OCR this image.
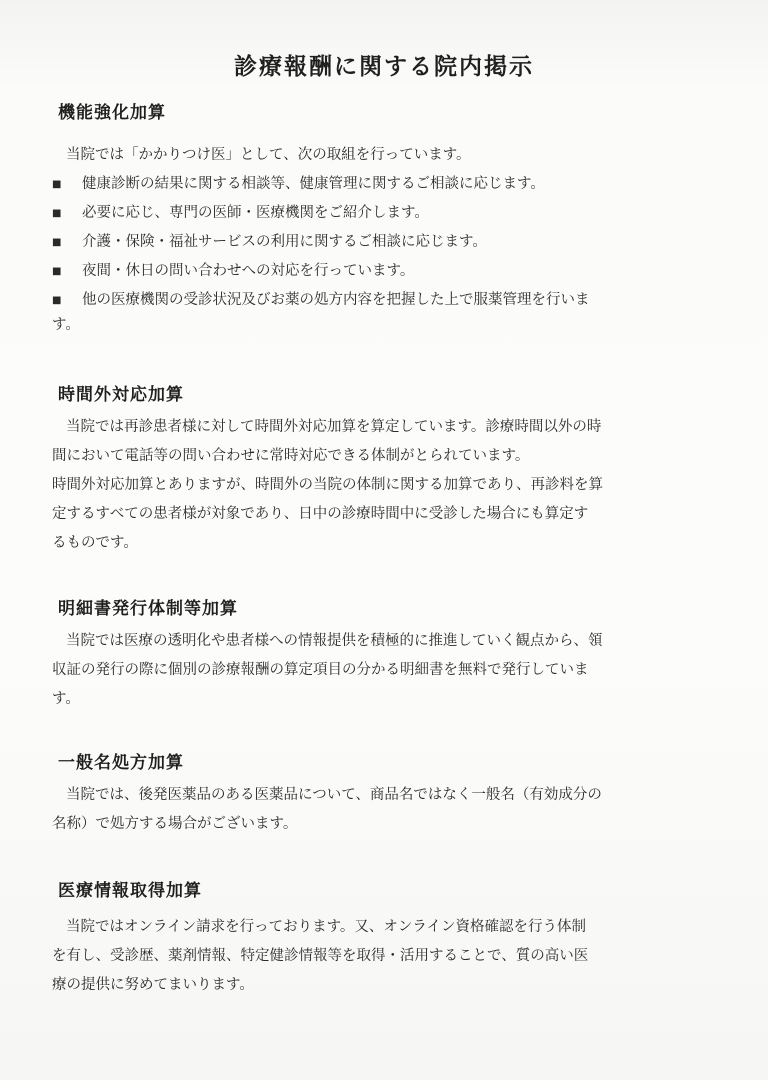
診療報酬に関する院内掲示
機能強化加算
当院では「かかりつけ医」として、次の取組を行っています。
■	健康診断の結果に関する相談等、健康管理に関するご相談に応じます。
■	必要に応じ、専門の医師・医療機関をご紹介します。
■	介護・保険・福祉サービスの利用に関するご相談に応じます。
■	夜間・休日の問い合わせへの対応を行っています。
■	他の医療機関の受診状況及びお薬の処方内容を把握した上で服薬管理を行いま
す。
時間外対応加算
当院では再診患者様に対して時間外対応加算を算定しています。診療時間以外の時
間において電話等の問い合わせに常時対応できる体制がとられています。
時間外対応加算とありますが、時間外の当院の体制に関する加算であり、再診料を算
定するすべての患者様が対象であり、日中の診療時間中に受診した場合にも算定す
るものです。
明細書発行体制等加算
当院では医療の透明化や患者様への情報提供を積極的に推進していく観点から、領
収証の発行の際に個別の診療報酬の算定項目の分かる明細書を無料で発行していま
す。
一般名処方加算
当院では、後発医薬品のある医薬品について、商品名ではなく一般名（有効成分の
名称）で処方する場合がございます。
医療情報取得加算
当院ではオンライン請求を行っております。又、オンライン資格確認を行う体制
を有し、受診歴、薬剤情報、特定健診情報等を取得・活用することで、質の高い医
療の提供に努めてまいります。
